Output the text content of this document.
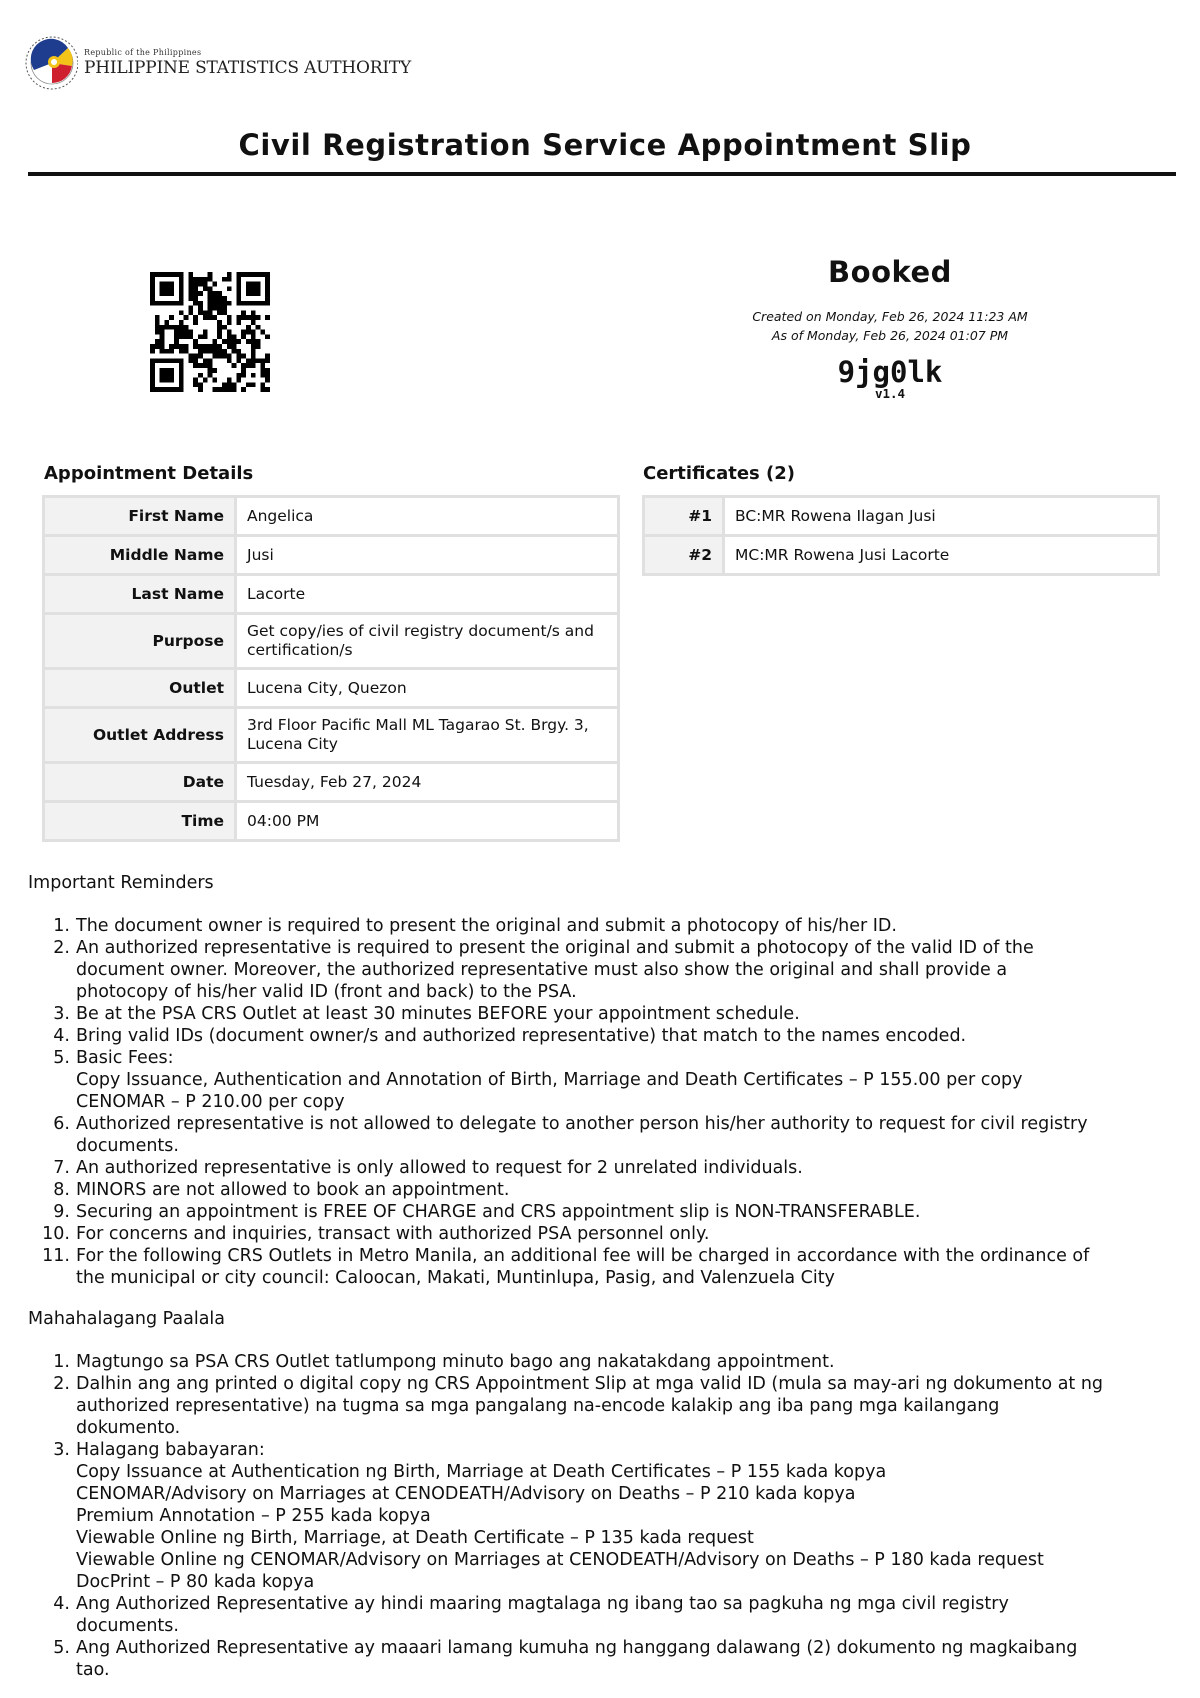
Republic of the Philippines
PHILIPPINE STATISTICS AUTHORITY
Civil Registration Service Appointment Slip
Booked
Created on Monday, Feb 26, 2024 11:23 AM
As of Monday, Feb 26, 2024 01:07 PM
9jg0lk
v1.4
Appointment Details
First Name	Angelica
Middle Name	Jusi
Last Name	Lacorte
Purpose	Get copy/ies of civil registry document/s and certification/s
Outlet	Lucena City, Quezon
Outlet Address	3rd Floor Pacific Mall ML Tagarao St. Brgy. 3, Lucena City
Date	Tuesday, Feb 27, 2024
Time	04:00 PM
Certificates (2)
#1	BC:MR Rowena Ilagan Jusi
#2	MC:MR Rowena Jusi Lacorte
Important Reminders
The document owner is required to present the original and submit a photocopy of his/her ID.
An authorized representative is required to present the original and submit a photocopy of the valid ID of the
document owner. Moreover, the authorized representative must also show the original and shall provide a
photocopy of his/her valid ID (front and back) to the PSA.
Be at the PSA CRS Outlet at least 30 minutes BEFORE your appointment schedule.
Bring valid IDs (document owner/s and authorized representative) that match to the names encoded.
Basic Fees:
Copy Issuance, Authentication and Annotation of Birth, Marriage and Death Certificates – P 155.00 per copy
CENOMAR – P 210.00 per copy
Authorized representative is not allowed to delegate to another person his/her authority to request for civil registry
documents.
An authorized representative is only allowed to request for 2 unrelated individuals.
MINORS are not allowed to book an appointment.
Securing an appointment is FREE OF CHARGE and CRS appointment slip is NON-TRANSFERABLE.
For concerns and inquiries, transact with authorized PSA personnel only.
For the following CRS Outlets in Metro Manila, an additional fee will be charged in accordance with the ordinance of
the municipal or city council: Caloocan, Makati, Muntinlupa, Pasig, and Valenzuela City
Mahahalagang Paalala
Magtungo sa PSA CRS Outlet tatlumpong minuto bago ang nakatakdang appointment.
Dalhin ang ang printed o digital copy ng CRS Appointment Slip at mga valid ID (mula sa may-ari ng dokumento at ng
authorized representative) na tugma sa mga pangalang na-encode kalakip ang iba pang mga kailangang
dokumento.
Halagang babayaran:
Copy Issuance at Authentication ng Birth, Marriage at Death Certificates – P 155 kada kopya
CENOMAR/Advisory on Marriages at CENODEATH/Advisory on Deaths – P 210 kada kopya
Premium Annotation – P 255 kada kopya
Viewable Online ng Birth, Marriage, at Death Certificate – P 135 kada request
Viewable Online ng CENOMAR/Advisory on Marriages at CENODEATH/Advisory on Deaths – P 180 kada request
DocPrint – P 80 kada kopya
Ang Authorized Representative ay hindi maaring magtalaga ng ibang tao sa pagkuha ng mga civil registry
documents.
Ang Authorized Representative ay maaari lamang kumuha ng hanggang dalawang (2) dokumento ng magkaibang
tao.
